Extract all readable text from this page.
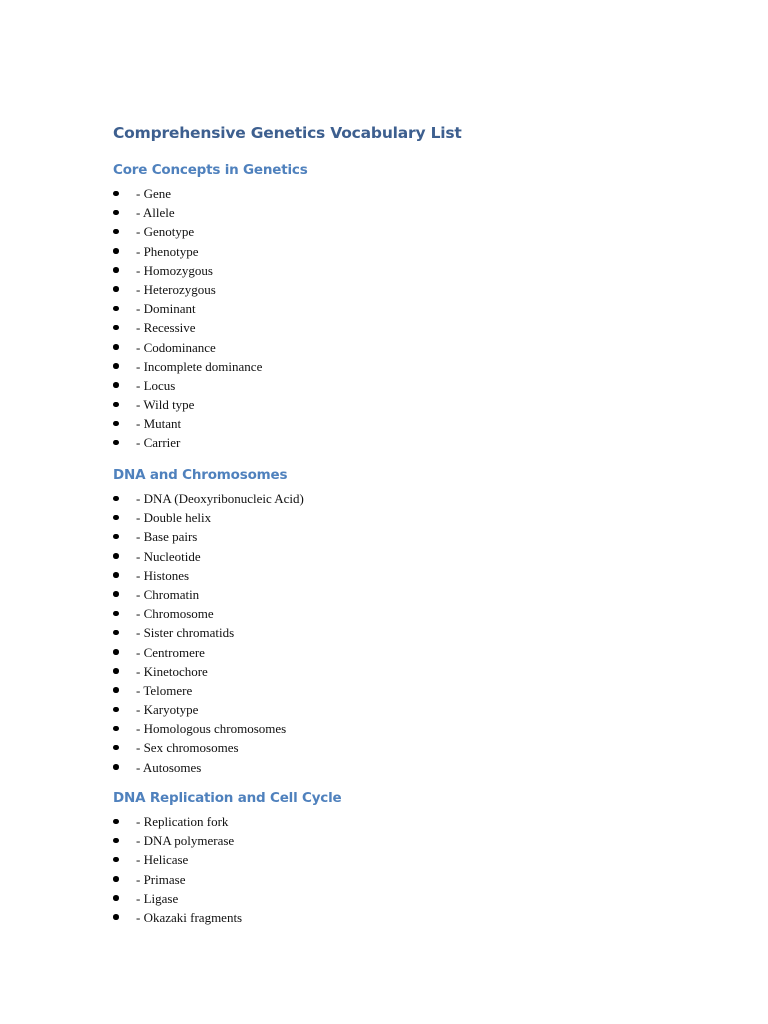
Comprehensive Genetics Vocabulary List
Core Concepts in Genetics
- Gene
- Allele
- Genotype
- Phenotype
- Homozygous
- Heterozygous
- Dominant
- Recessive
- Codominance
- Incomplete dominance
- Locus
- Wild type
- Mutant
- Carrier
DNA and Chromosomes
- DNA (Deoxyribonucleic Acid)
- Double helix
- Base pairs
- Nucleotide
- Histones
- Chromatin
- Chromosome
- Sister chromatids
- Centromere
- Kinetochore
- Telomere
- Karyotype
- Homologous chromosomes
- Sex chromosomes
- Autosomes
DNA Replication and Cell Cycle
- Replication fork
- DNA polymerase
- Helicase
- Primase
- Ligase
- Okazaki fragments
